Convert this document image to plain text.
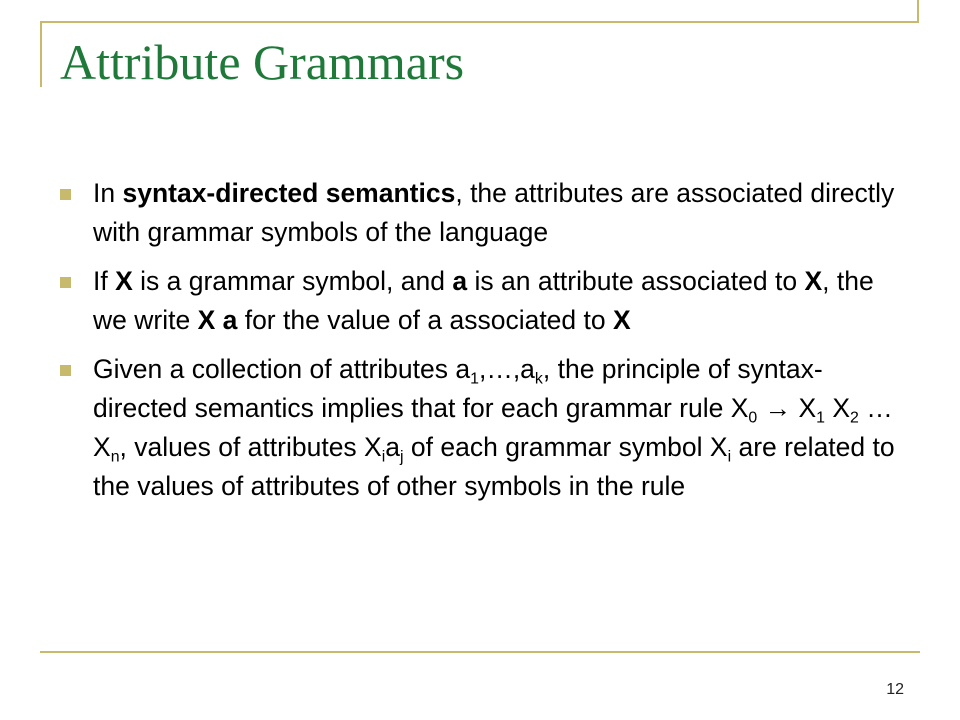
Attribute Grammars
In syntax-directed semantics, the attributes are associated directly with grammar symbols of the language
If X is a grammar symbol, and a is an attribute associated to X, the we write X a for the value of a associated to X
Given a collection of attributes $a_1,\dots,a_k$, the principle of syntax-directed semantics implies that for each grammar rule $X_0 \to X_1$ $X_2$ … $X_n$, values of attributes $X_ia_j$ of each grammar symbol $X_i$ are related to the values of attributes of other symbols in the rule
12
